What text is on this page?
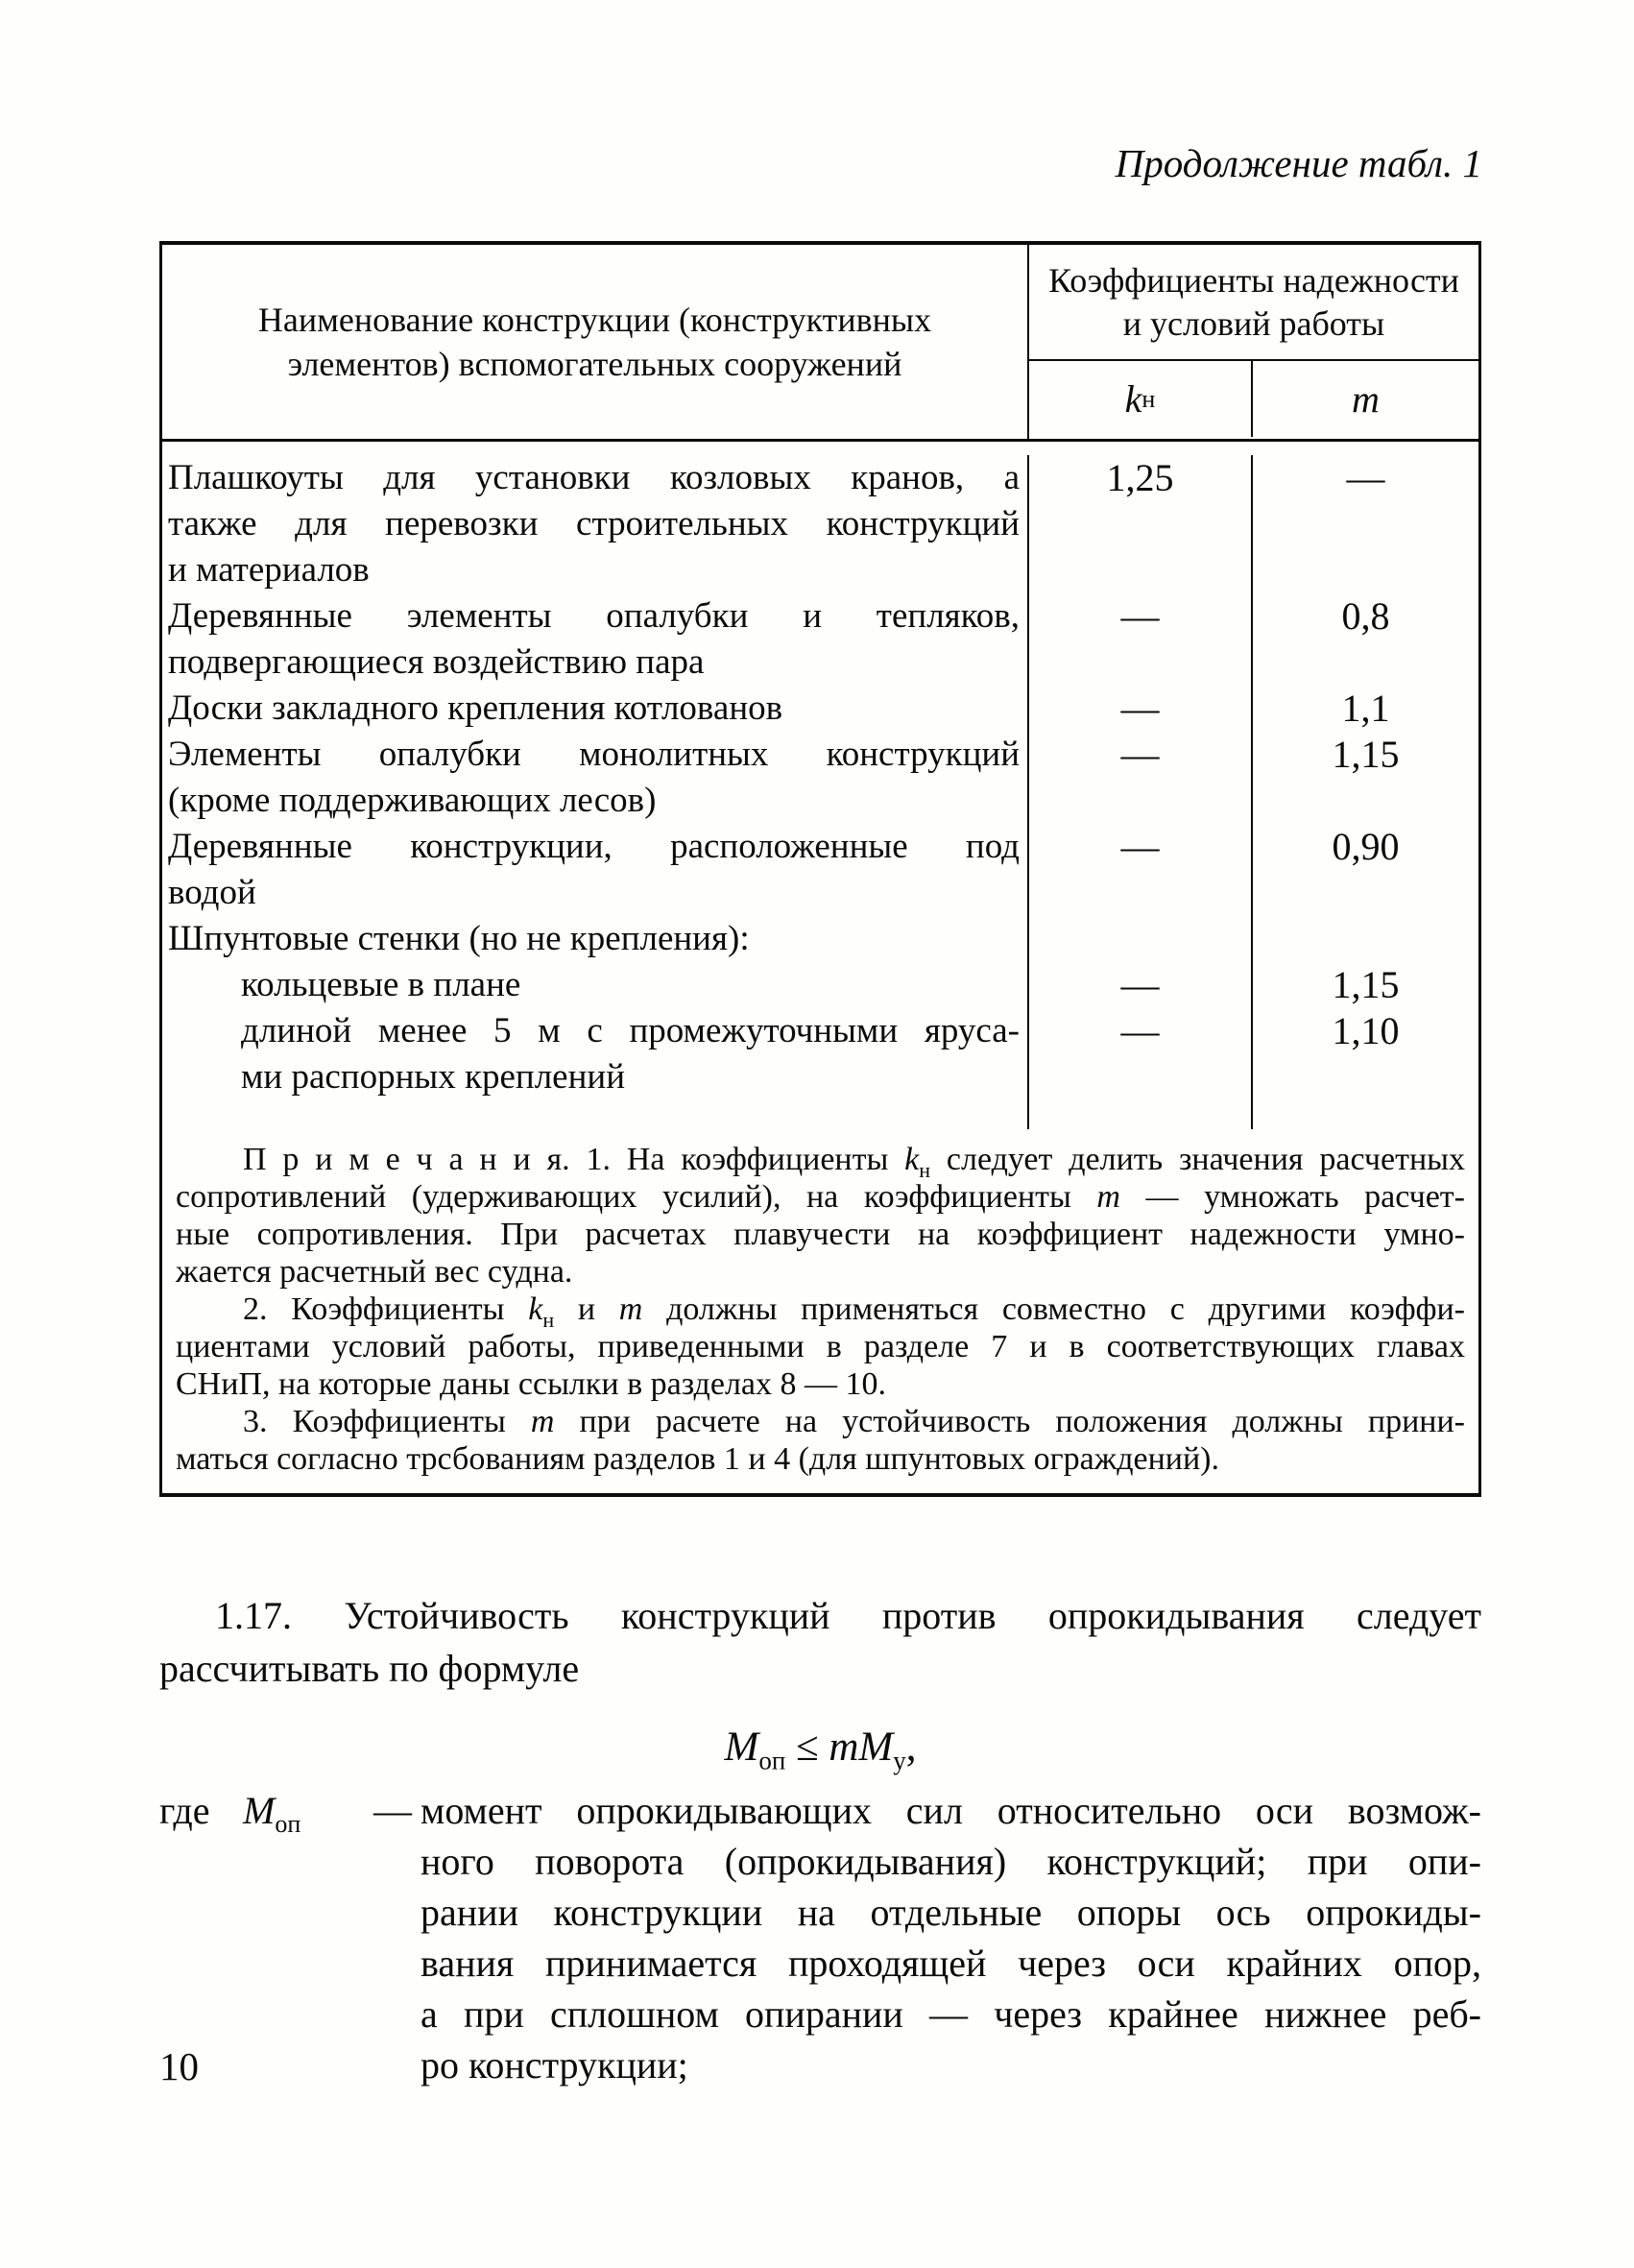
Продолжение табл. 1
Наименование конструкции (конструктивных
элементов) вспомогательных сооружений
Коэффициенты надежности
и условий работы
k н	m
Плашкоуты для установки козловых кранов, а
также для перевозки строительных конструкций
и материалов
1,25	—
Деревянные элементы опалубки и тепляков,
подвергающиеся воздействию пара
—	0,8
Доски закладного крепления котлованов	—	1,1
Элементы опалубки монолитных конструкций
(кроме поддерживающих лесов)
—	1,15
Деревянные конструкции, расположенные под
водой
—	0,90
Шпунтовые стенки (но не крепления):
кольцевые в плане	—	1,15
длиной менее 5 м с промежуточными яруса-
ми распорных креплений
—	1,10
П р и м е ч а н и я. 1. На коэффициенты $k_н$ следует делить значения расчетных
сопротивлений (удерживающих усилий), на коэффициенты m — умножать расчет-
ные сопротивления. При расчетах плавучести на коэффициент надежности умно-
жается расчетный вес судна.
2. Коэффициенты $k_н$ и m должны применяться совместно с другими коэффи-
циентами условий работы, приведенными в разделе 7 и в соответствующих главах
СНиП, на которые даны ссылки в разделах 8 — 10.
3. Коэффициенты m при расчете на устойчивость положения должны прини-
маться согласно трсбованиям разделов 1 и 4 (для шпунтовых ограждений).
1.17. Устойчивость конструкций против опрокидывания следует
рассчитывать по формуле
$M_{оп} \le mM_у$,
где $M_{оп}$	— момент опрокидывающих сил относительно оси возмож-
ного поворота (опрокидывания) конструкций; при опи-
рании конструкции на отдельные опоры ось опрокиды-
вания принимается проходящей через оси крайних опор,
а при сплошном опирании — через крайнее нижнее реб-
ро конструкции;
10
